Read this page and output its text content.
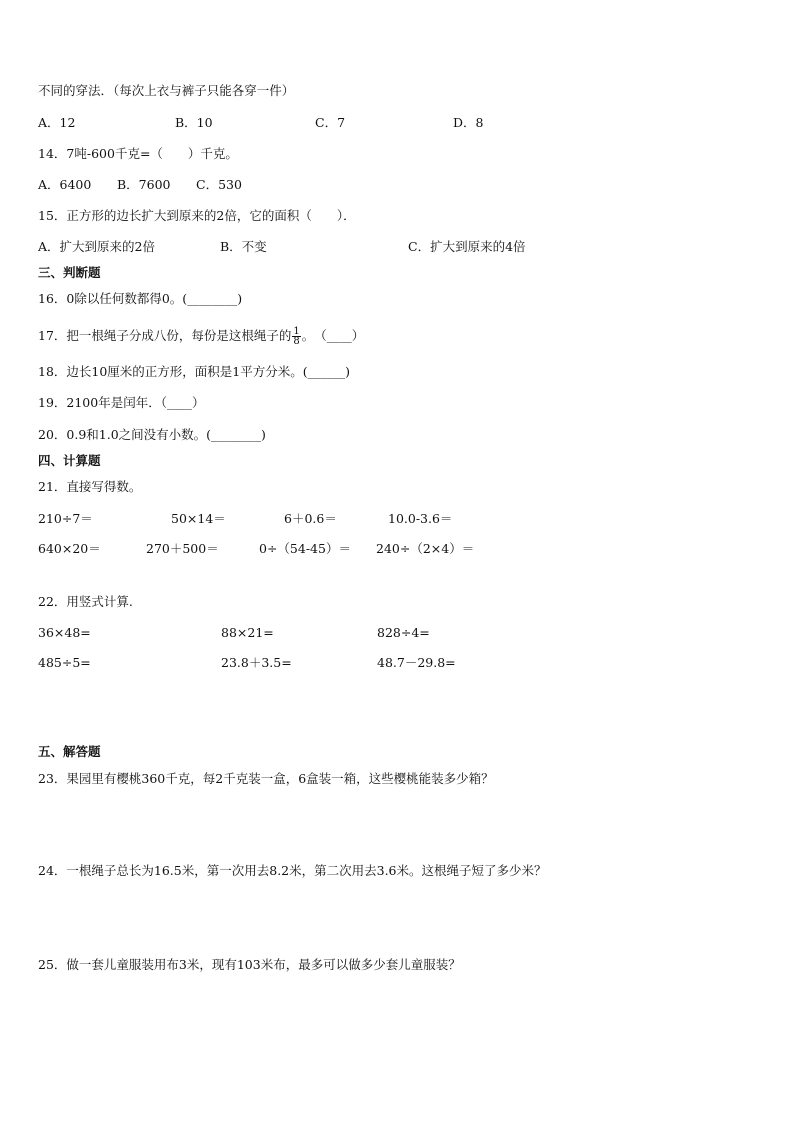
不同的穿法．（每次上衣与裤子只能各穿一件）
A．12	B．10	C．7	D．8
14．7吨-600千克=（　　）千克。
A．6400 B．7600 C．530
15．正方形的边长扩大到原来的2倍，它的面积（　　）．
A．扩大到原来的2倍	B．不变	C．扩大到原来的4倍
三、判断题
16．0除以任何数都得0。(________)
17．把一根绳子分成八份，每份是这根绳子的 $\frac{1}{8}$ 。　（____）
18．边长10厘米的正方形，面积是1平方分米。(______)
19．2100年是闰年．（____）
20．0.9和1.0之间没有小数。(________)
四、计算题
21．直接写得数。
210÷7＝	50×14＝	6＋0.6＝	10.0-3.6＝
640×20＝	270＋500＝	0÷（54-45）＝ 240÷（2×4）＝
22．用竖式计算.
36×48=	88×21=	828÷4=
485÷5=	23.8＋3.5=	48.7－29.8=
五、解答题
23．果园里有樱桃360千克，每2千克装一盒，6盒装一箱，这些樱桃能装多少箱？
24．一根绳子总长为16.5米，第一次用去8.2米，第二次用去3.6米。这根绳子短了多少米？
25．做一套儿童服装用布3米，现有103米布，最多可以做多少套儿童服装？
